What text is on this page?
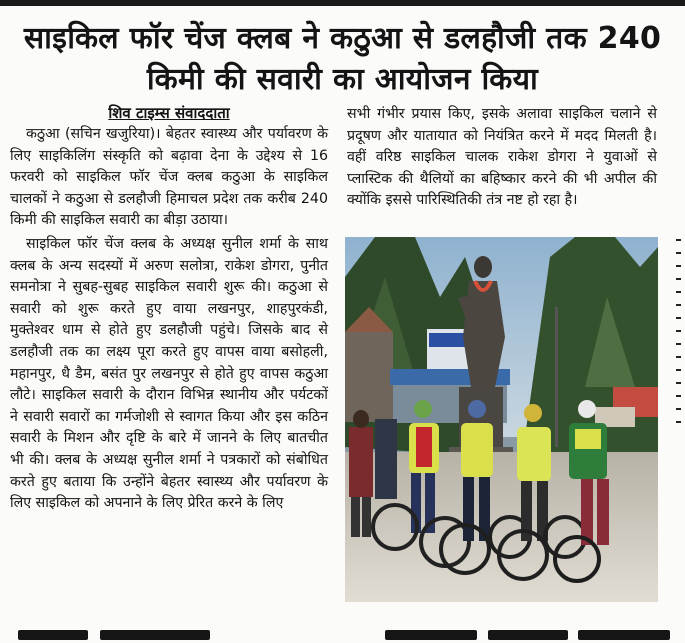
साइकिल फॉर चेंज क्लब ने कठुआ से डलहौजी तक 240 किमी की सवारी का आयोजन किया
शिव टाइम्स संवाददाता

कठुआ (सचिन खजुरिया)। बेहतर स्वास्थ्य और पर्यावरण के लिए साइकिलिंग संस्कृति को बढ़ावा देना के उद्देश्य से 16 फरवरी को साइकिल फॉर चेंज क्लब कठुआ के साइकिल चालकों ने कठुआ से डलहौजी हिमाचल प्रदेश तक करीब 240 किमी की साइकिल सवारी का बीड़ा उठाया।

साइकिल फॉर चेंज क्लब के अध्यक्ष सुनील शर्मा के साथ क्लब के अन्य सदस्यों में अरुण सलोत्रा, राकेश डोगरा, पुनीत समनोत्रा ने सुबह-सुबह साइकिल सवारी शुरू की। कठुआ से सवारी को शुरू करते हुए वाया लखनपुर, शाहपुरकंडी, मुक्तेश्वर धाम से होते हुए डलहौजी पहुंचे। जिसके बाद से डलहौजी तक का लक्ष्य पूरा करते हुए वापस वाया बसोहली, महानपुर, धै डैम, बसंत पुर लखनपुर से होते हुए वापस कठुआ लौटे। साइकिल सवारी के दौरान विभिन्न स्थानीय और पर्यटकों ने सवारी सवारों का गर्मजोशी से स्वागत किया और इस कठिन सवारी के मिशन और दृष्टि के बारे में जानने के लिए बातचीत भी की। क्लब के अध्यक्ष सुनील शर्मा ने पत्रकारों को संबोधित करते हुए बताया कि उन्होंने बेहतर स्वास्थ्य और पर्यावरण के लिए साइकिल को अपनाने के लिए प्रेरित करने के लिए

सभी गंभीर प्रयास किए, इसके अलावा साइकिल चलाने से प्रदूषण और यातायात को नियंत्रित करने में मदद मिलती है। वहीं वरिष्ठ साइकिल चालक राकेश डोगरा ने युवाओं से प्लास्टिक की थैलियों का बहिष्कार करने की भी अपील की क्योंकि इससे पारिस्थितिकी तंत्र नष्ट हो रहा है।
